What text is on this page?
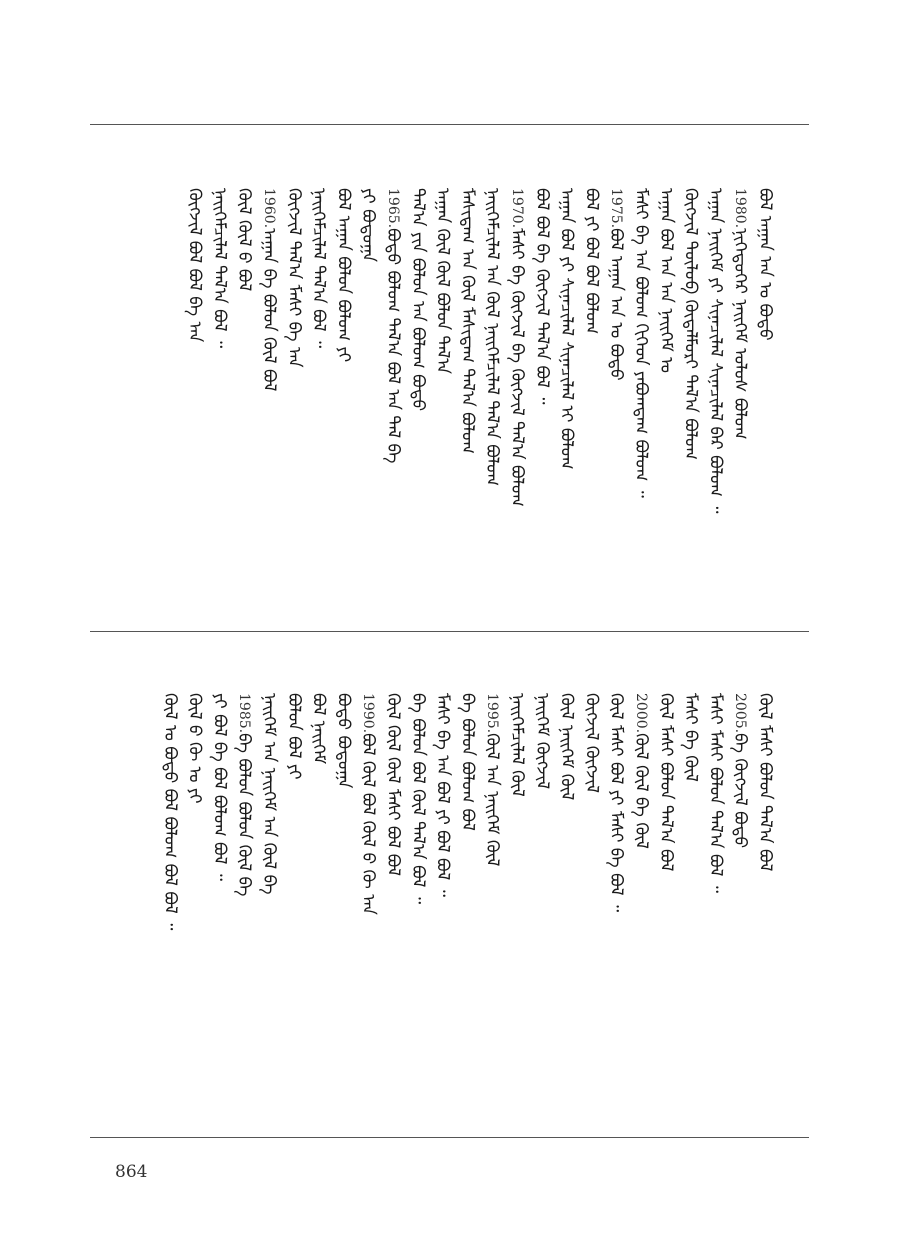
ᠪᠣᠯ ᠠᠭᠠᠨ ᠠᠨ ᠤ ᠪᠣᠳᠣ
1980.ᠨᠢᠭᠡᠳᠦᠭᠡᠷ ᠨᠡᠢᠭᠡᠮ ᠤᠯᠤᠰ ᠪᠣᠯᠤᠭ
ᠠᠭᠠᠨ ᠨᠡᠢᠭᠡᠮ ᠶᠢ ᠰᠢᠨᠡᠴᠢᠯᠡᠯ ᠰᠢᠨᠡᠴᠢᠯᠡᠯ ᠪᠡᠷ ᠪᠣᠯᠤᠭ ᠃
ᠬᠥᠭᠵᠢᠯ ᠲᠥᠯᠦᠪ ᠬᠥᠳᠡᠯᠮᠦᠷᠢ ᠲᠠᠯ᠎ᠠ ᠪᠣᠯᠤᠭ
ᠠᠭᠠᠨ ᠪᠣᠯ ᠠᠨ ᠠᠨ ᠨᠡᠢᠭᠡᠮ ᠤ
ᠮᠠᠰᠢ ᠪᠡ ᠠᠨ ᠪᠣᠯᠤᠭ ᠬᠢᠭᠡᠳ ᠶᠠᠪᠤᠭᠳᠠᠭ ᠪᠣᠯᠤᠭ ᠃
1975.ᠪᠣᠯ ᠠᠭᠠᠨ ᠠᠨ ᠤ ᠪᠣᠳᠣ
ᠪᠣᠯ ᠶᠢ ᠪᠣᠯ ᠪᠣᠯ ᠪᠣᠯᠤᠭ
ᠠᠭᠠᠨ ᠪᠣᠯ ᠶᠢ ᠰᠢᠨᠡᠴᠢᠯᠡᠯ ᠰᠢᠨᠡᠴᠢᠯᠡᠯ ᠢ ᠪᠣᠯᠤᠭ
ᠪᠣᠯ ᠪᠣᠯ ᠪᠡ ᠬᠥᠭᠵᠢᠯ ᠲᠠᠯ᠎ᠠ ᠪᠣᠯ ᠃
1970.ᠮᠠᠰᠢ ᠪᠡ ᠬᠥᠭᠵᠢᠯ ᠪᠡ ᠬᠥᠭᠵᠢᠯ ᠲᠠᠯ᠎ᠠ ᠪᠣᠯᠤᠭ
ᠨᠡᠢᠭᠡᠮᠴᠢᠯᠡᠯ ᠠᠨ ᠬᠥᠯ ᠨᠡᠢᠭᠡᠮᠴᠢᠯᠡᠯ ᠲᠠᠯ᠎ᠠ ᠪᠣᠯᠤᠭ
ᠮᠠᠰᠢᠳᠠᠭ ᠠᠨ ᠬᠥᠯ ᠮᠠᠰᠢᠳᠠᠭ ᠲᠠᠯ᠎ᠠ ᠪᠣᠯᠤᠭ
ᠠᠭᠠᠨ ᠬᠥᠯ ᠬᠥᠯ ᠪᠣᠯᠤᠨ ᠲᠠᠯ᠎ᠠ
ᠲᠠᠯ᠎ᠠ ᠶᠢᠨ ᠪᠣᠯᠤᠨ ᠠᠨ ᠪᠣᠯᠤᠭ ᠪᠣᠳᠣ
1965.ᠪᠣᠳᠣ ᠪᠣᠯᠤᠭ ᠲᠠᠯ᠎ᠠ ᠪᠣᠯ ᠠᠨ ᠲᠠᠯ ᠪᠡ
ᠶᠢ ᠪᠣᠳᠣᠭᠠ
ᠪᠣᠯ ᠠᠭᠠᠨ ᠪᠣᠯᠤᠨ ᠪᠣᠯᠤᠭ ᠶᠢ
ᠨᠡᠢᠭᠡᠮᠴᠢᠯᠡᠯ ᠲᠠᠯ᠎ᠠ ᠪᠣᠯ ᠃
ᠬᠥᠭᠵᠢᠯ ᠲᠠᠯ᠎ᠠ ᠮᠠᠰᠢ ᠪᠡ ᠠᠨ
1960.ᠠᠭᠠᠨ ᠪᠡ ᠪᠣᠯᠤᠨ ᠬᠥᠯ ᠪᠣᠯ
ᠬᠥᠯ ᠬᠥᠯ ᠪ ᠪᠣᠯ
ᠨᠡᠢᠭᠡᠮᠴᠢᠯᠡᠯ ᠲᠠᠯ᠎ᠠ ᠪᠣᠯ ᠃
ᠬᠥᠭᠵᠢᠯ ᠪᠣᠯ ᠪᠣᠯ ᠪᠡ ᠠᠨ
ᠬᠥᠯ ᠮᠠᠰᠢ ᠪᠣᠯᠤᠨ ᠲᠠᠯ᠎ᠠ ᠪᠣᠯ
2005.ᠪᠡ ᠬᠥᠭᠵᠢᠯ ᠪᠣᠳᠣ
ᠮᠠᠰᠢ ᠮᠠᠰᠢ ᠪᠣᠯᠤᠨ ᠲᠠᠯ᠎ᠠ ᠪᠣᠯ ᠃
ᠮᠠᠰᠢ ᠪᠡ ᠬᠥᠯ
ᠬᠥᠯ ᠮᠠᠰᠢ ᠪᠣᠯᠤᠨ ᠲᠠᠯ᠎ᠠ ᠪᠣᠯ
2000.ᠬᠥᠯ ᠬᠥᠯ ᠪᠡ ᠬᠥᠯ
ᠬᠥᠯ ᠮᠠᠰᠢ ᠪᠣᠯ ᠶᠢ ᠮᠠᠰᠢ ᠪᠡ ᠪᠣᠯ ᠃
ᠬᠥᠭᠵᠢᠯ ᠬᠥᠭᠵᠢᠯ
ᠬᠥᠯ ᠨᠡᠢᠭᠡᠮ ᠬᠥᠯ
ᠨᠡᠢᠭᠡᠮ ᠬᠥᠭᠵᠢᠯ
ᠨᠡᠢᠭᠡᠮᠴᠢᠯᠡᠯ ᠬᠥᠯ
1995.ᠬᠥᠯ ᠠᠨ ᠨᠡᠢᠭᠡᠮ ᠬᠥᠯ
ᠪᠡ ᠪᠣᠯᠤᠨ ᠪᠣᠯᠤᠭ ᠪᠣᠯ
ᠮᠠᠰᠢ ᠪᠡ ᠠᠨ ᠪᠣᠯ ᠶᠢ ᠪᠣᠯ ᠪᠣᠯ ᠃
ᠪᠡ ᠪᠣᠯᠤᠨ ᠪᠣᠯ ᠬᠥᠯ ᠲᠠᠯ᠎ᠠ ᠪᠣᠯ ᠃
ᠬᠥᠯ ᠬᠥᠯ ᠬᠥᠯ ᠮᠠᠰᠢ ᠪᠣᠯ ᠪᠣᠯ
1990.ᠪᠣᠯ ᠬᠥᠯ ᠪᠣᠯ ᠬᠥᠯ ᠪ ᠬᠥ ᠠᠨ
ᠪᠣᠳᠣ ᠪᠣᠳᠣᠭᠠ
ᠪᠣᠯ ᠨᠡᠢᠭᠡᠮ
ᠪᠣᠯᠤᠨ ᠪᠣᠯ ᠶᠢ
ᠨᠡᠢᠭᠡᠮ ᠠᠨ ᠨᠡᠢᠭᠡᠮ ᠠᠨ ᠬᠥᠯ ᠪᠡ
1985.ᠪᠡ ᠪᠣᠯᠤᠨ ᠪᠣᠯᠤᠨ ᠬᠥᠯ ᠪᠡ
ᠶᠢ ᠪᠣᠯ ᠪᠡ ᠪᠣᠯ ᠪᠣᠯᠤᠭ ᠪᠣᠯ ᠃
ᠬᠥᠯ ᠪ ᠬᠥ ᠤ ᠶᠢ
ᠬᠥᠯ ᠤ ᠪᠣᠳᠣ ᠪᠣᠯ ᠪᠣᠯᠤᠭ ᠪᠣᠯ ᠪᠣᠯ ᠃
864
